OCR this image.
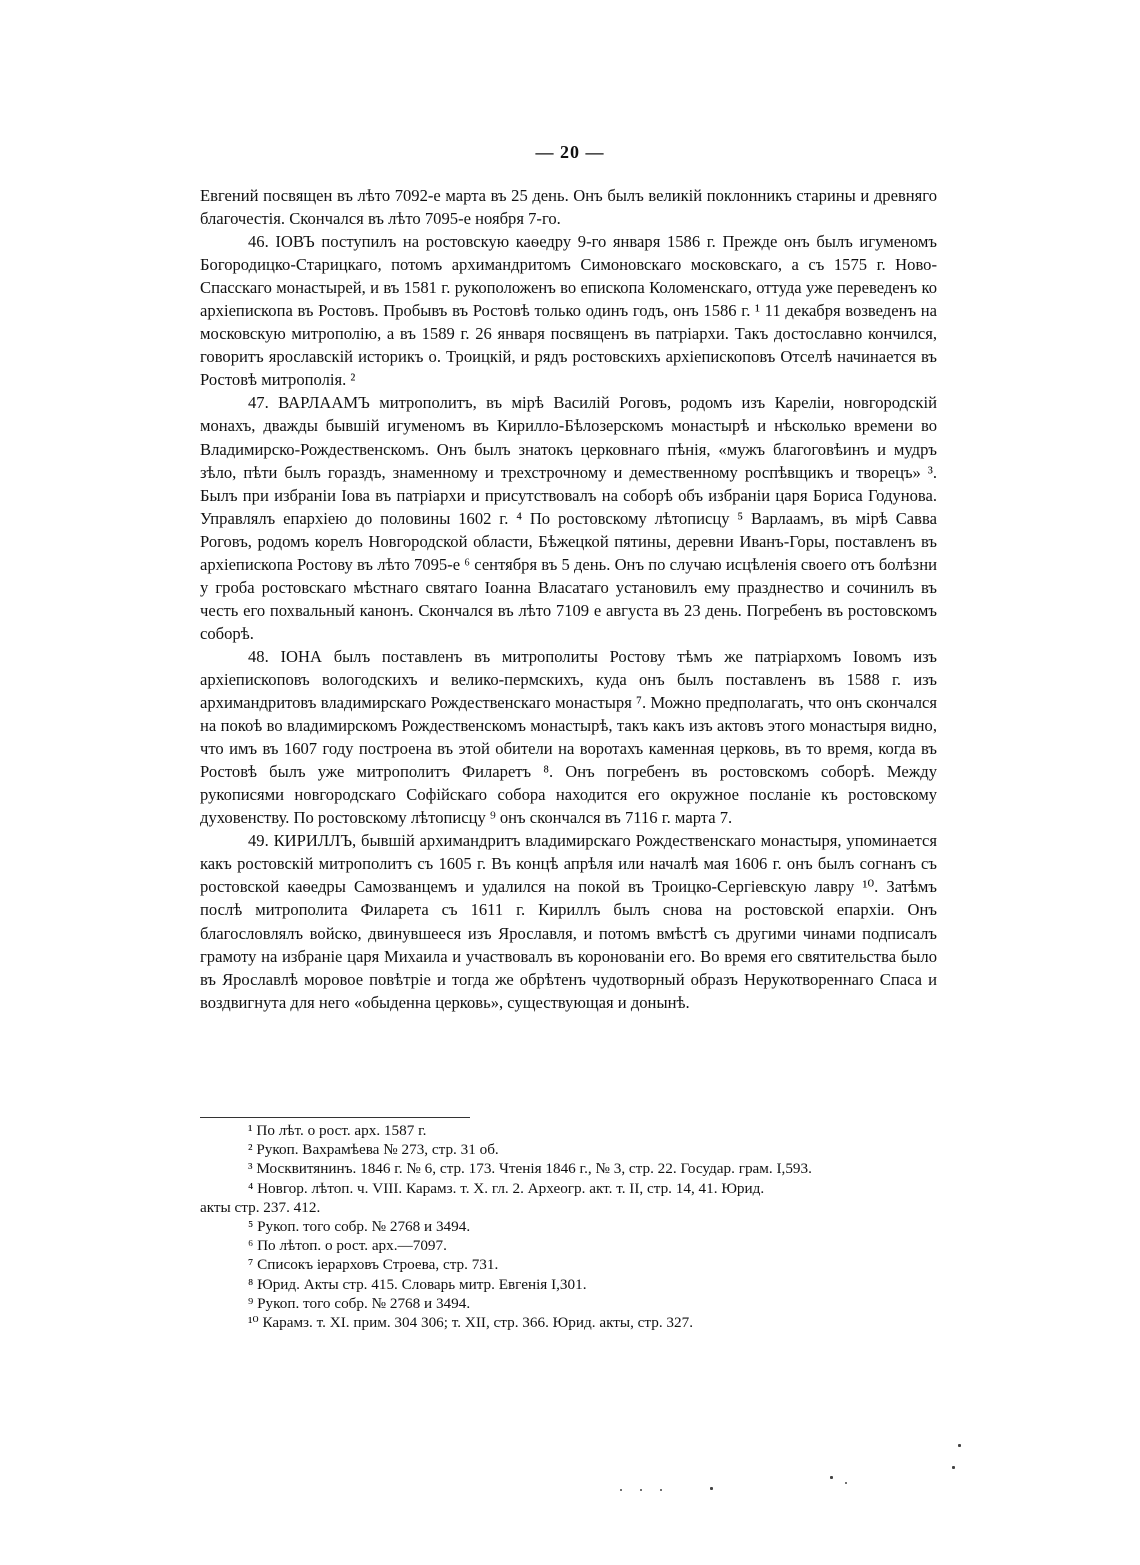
— 20 —

Евгений посвящен въ лѣто 7092-е марта въ 25 день. Онъ былъ великiй поклонникъ старины и древняго благочестiя. Скончался въ лѣто 7095-е ноября 7-го.

46. IОВЪ поступилъ на ростовскую каѳедру 9-го января 1586 г. Прежде онъ былъ игуменомъ Богородицко-Старицкаго, потомъ архимандритомъ Симоновскаго московскаго, а съ 1575 г. Ново-Спасскаго монастырей, и въ 1581 г. рукоположенъ во епископа Коломенскаго, оттуда уже переведенъ ко архiепископа въ Ростовъ. Пробывъ въ Ростовѣ только одинъ годъ, онъ 1586 г. ¹ 11 декабря возведенъ на московскую митрополiю, а въ 1589 г. 26 января посвященъ въ патрiархи. Такъ достославно кончился, говоритъ ярославскiй историкъ о. Троицкiй, и рядъ ростовскихъ архiепископовъ Отселѣ начинается въ Ростовѣ митрополiя. ²

47. ВАРЛААМЪ митрополитъ, въ мiрѣ Василiй Роговъ, родомъ изъ Карелiи, новгородскiй монахъ, дважды бывшiй игуменомъ въ Кирилло-Бѣлозерскомъ монастырѣ и нѣсколько времени во Владимирско-Рождественскомъ. Онъ былъ знатокъ церковнаго пѣнiя, «мужъ благоговѣинъ и мудръ зѣло, пѣти былъ гораздъ, знаменному и трехстрочному и демественному роспѣвщикъ и творецъ» ³. Былъ при избранiи Iова въ патрiархи и присутствовалъ на соборѣ объ избранiи царя Бориса Годунова. Управлялъ епархiею до половины 1602 г. ⁴ По ростовскому лѣтописцу ⁵ Варлаамъ, въ мiрѣ Савва Роговъ, родомъ корелъ Новгородской области, Бѣжецкой пятины, деревни Иванъ-Горы, поставленъ въ архiепископа Ростову въ лѣто 7095-е ⁶ сентября въ 5 день. Онъ по случаю исцѣленiя своего отъ болѣзни у гроба ростовскаго мѣстнаго святаго Iоанна Власатаго установилъ ему празднество и сочинилъ въ честь его похвальный канонъ. Скончался въ лѣто 7109 е августа въ 23 день. Погребенъ въ ростовскомъ соборѣ.

48. IОНА былъ поставленъ въ митрополиты Ростову тѣмъ же патрiархомъ Iовомъ изъ архiепископовъ вологодскихъ и велико-пермскихъ, куда онъ былъ поставленъ въ 1588 г. изъ архимандритовъ владимирскаго Рождественскаго монастыря ⁷. Можно предполагать, что онъ скончался на покоѣ во владимирскомъ Рождественскомъ монастырѣ, такъ какъ изъ актовъ этого монастыря видно, что имъ въ 1607 году построена въ этой обители на воротахъ каменная церковь, въ то время, когда въ Ростовѣ былъ уже митрополитъ Филаретъ ⁸. Онъ погребенъ въ ростовскомъ соборѣ. Между рукописями новгородскаго Софiйскаго собора находится его окружное посланiе къ ростовскому духовенству. По ростовскому лѣтописцу ⁹ онъ скончался въ 7116 г. марта 7.

49. КИРИЛЛЪ, бывшiй архимандритъ владимирскаго Рождественскаго монастыря, упоминается какъ ростовскiй митрополитъ съ 1605 г. Въ концѣ апрѣля или началѣ мая 1606 г. онъ былъ согнанъ съ ростовской каѳедры Самозванцемъ и удалился на покой въ Троицко-Сергiевскую лавру ¹⁰. Затѣмъ послѣ митрополита Филарета съ 1611 г. Кириллъ былъ снова на ростовской епархiи. Онъ благословлялъ войско, двинувшееся изъ Ярославля, и потомъ вмѣстѣ съ другими чинами подписалъ грамоту на избранiе царя Михаила и участвовалъ въ коронованiи его. Во время его святительства было въ Ярославлѣ моровое повѣтрiе и тогда же обрѣтенъ чудотворный образъ Нерукотвореннаго Спаса и воздвигнута для него «обыденна церковь», существующая и донынѣ.

¹ По лѣт. о рост. арх. 1587 г.

² Рукоп. Вахрамѣева № 273, стр. 31 об.

³ Москвитянинъ. 1846 г. № 6, стр. 173. Чтенiя 1846 г., № 3, стр. 22. Государ. грам. I,593.

⁴ Новгор. лѣтоп. ч. VIII. Карамз. т. X. гл. 2. Археогр. акт. т. II, стр. 14, 41. Юрид.

акты стр. 237. 412.

⁵ Рукоп. того собр. № 2768 и 3494.

⁶ По лѣтоп. о рост. арх.—7097.

⁷ Списокъ iерарховъ Строева, стр. 731.

⁸ Юрид. Акты стр. 415. Словарь митр. Евгенiя I,301.

⁹ Рукоп. того собр. № 2768 и 3494.

¹⁰ Карамз. т. XI. прим. 304 306; т. XII, стр. 366. Юрид. акты, стр. 327.
